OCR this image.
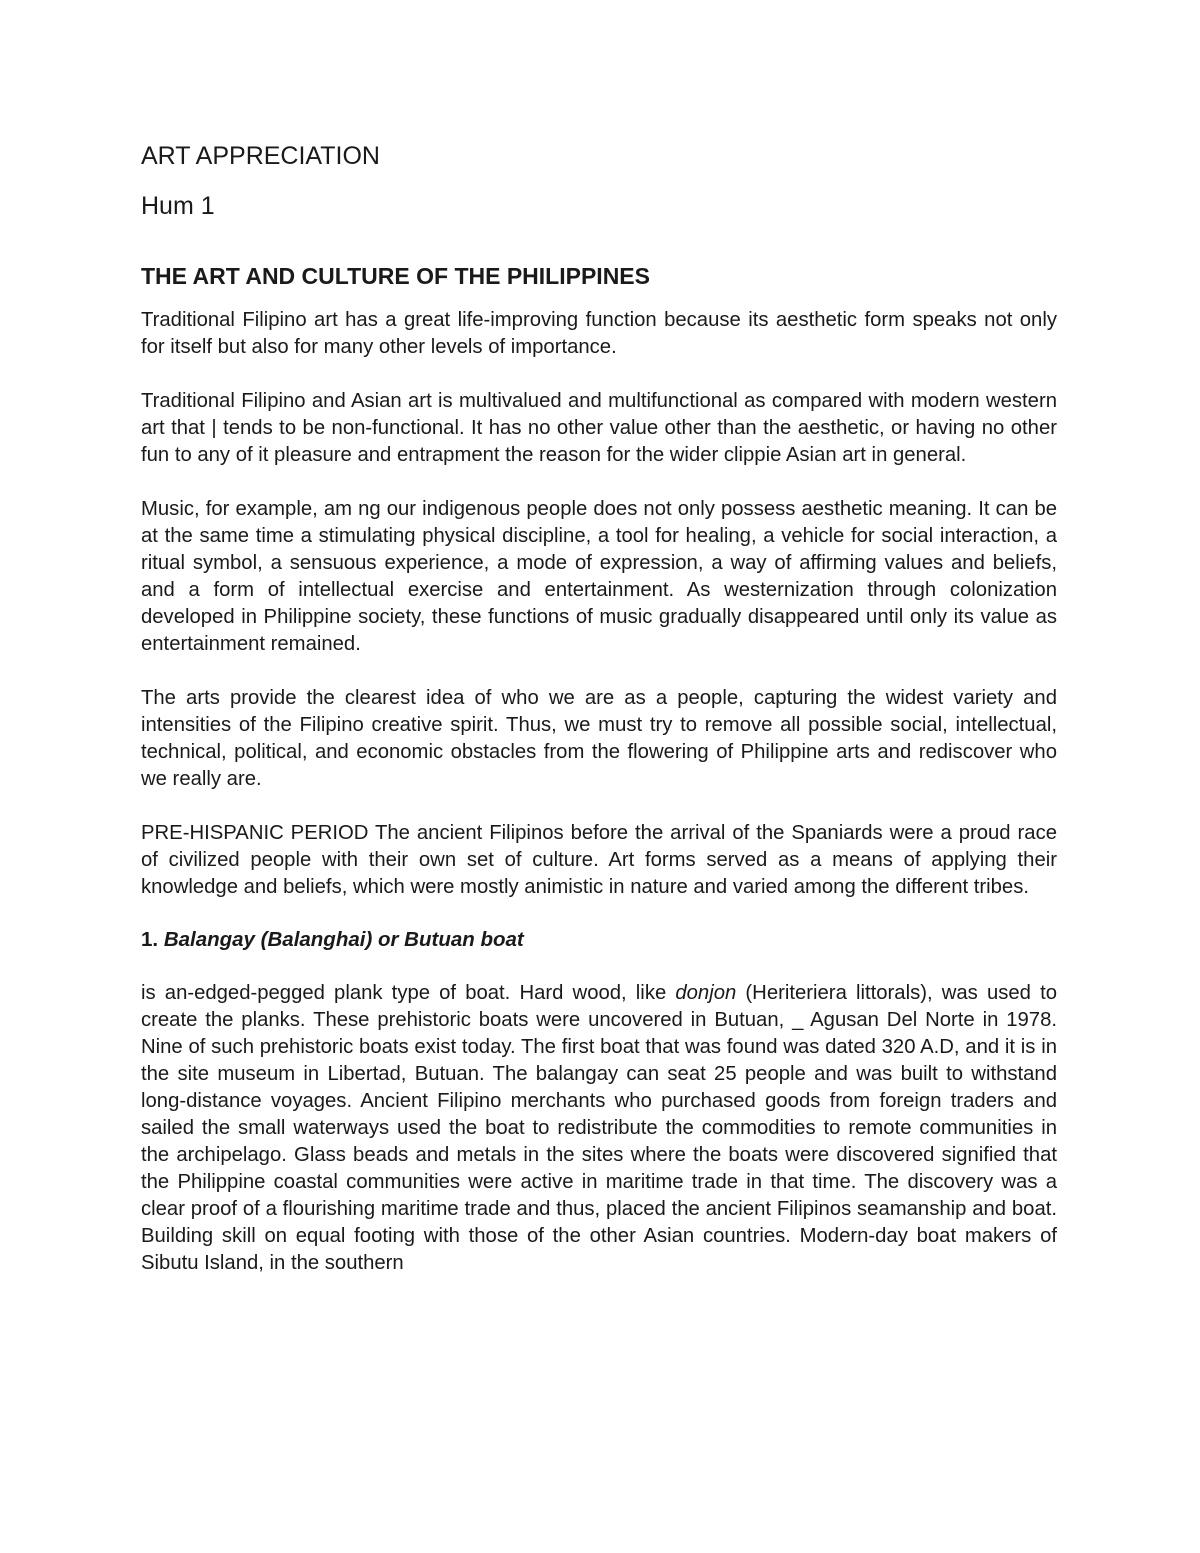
ART APPRECIATION
Hum 1
THE ART AND CULTURE OF THE PHILIPPINES

Traditional Filipino art has a great life-improving function because its aesthetic form speaks not only for itself but also for many other levels of importance.

Traditional Filipino and Asian art is multivalued and multifunctional as compared with modern western art that | tends to be non-functional. It has no other value other than the aesthetic, or having no other fun to any of it pleasure and entrapment the reason for the wider clippie Asian art in general.

Music, for example, am ng our indigenous people does not only possess aesthetic meaning. It can be at the same time a stimulating physical discipline, a tool for healing, a vehicle for social interaction, a ritual symbol, a sensuous experience, a mode of expression, a way of affirming values and beliefs, and a form of intellectual exercise and entertainment. As westernization through colonization developed in Philippine society, these functions of music gradually disappeared until only its value as entertainment remained.

The arts provide the clearest idea of who we are as a people, capturing the widest variety and intensities of the Filipino creative spirit. Thus, we must try to remove all possible social, intellectual, technical, political, and economic obstacles from the flowering of Philippine arts and rediscover who we really are.

PRE-HISPANIC PERIOD The ancient Filipinos before the arrival of the Spaniards were a proud race of civilized people with their own set of culture. Art forms served as a means of applying their knowledge and beliefs, which were mostly animistic in nature and varied among the different tribes.

1. Balangay (Balanghai) or Butuan boat

is an-edged-pegged plank type of boat. Hard wood, like donjon (Heriteriera littorals), was used to create the planks. These prehistoric boats were uncovered in Butuan, _ Agusan Del Norte in 1978. Nine of such prehistoric boats exist today. The first boat that was found was dated 320 A.D, and it is in the site museum in Libertad, Butuan. The balangay can seat 25 people and was built to withstand long-distance voyages. Ancient Filipino merchants who purchased goods from foreign traders and sailed the small waterways used the boat to redistribute the commodities to remote communities in the archipelago. Glass beads and metals in the sites where the boats were discovered signified that the Philippine coastal communities were active in maritime trade in that time. The discovery was a clear proof of a flourishing maritime trade and thus, placed the ancient Filipinos seamanship and boat. Building skill on equal footing with those of the other Asian countries. Modern-day boat makers of Sibutu Island, in the southern
